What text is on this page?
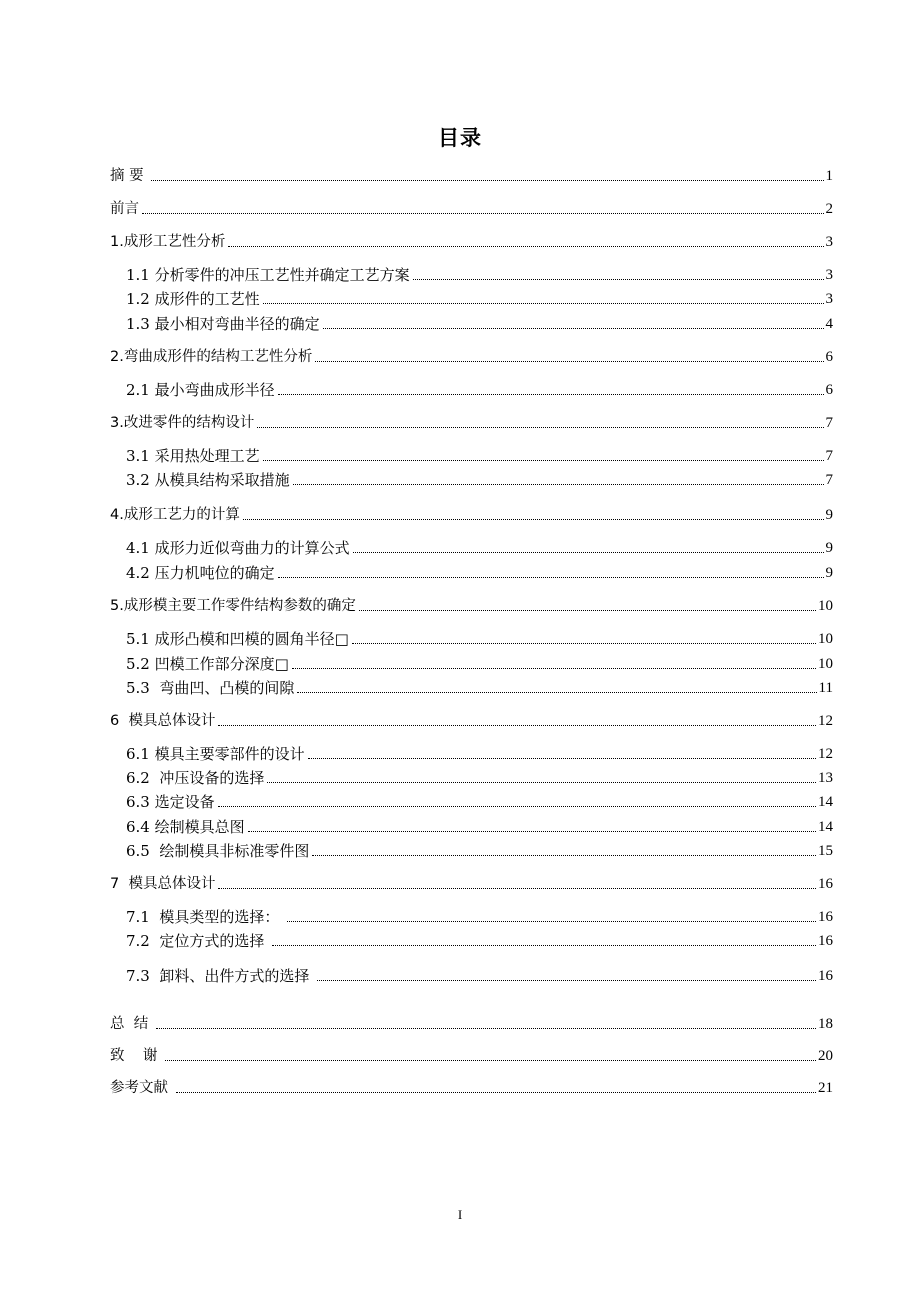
目录
摘 要	1
前言	2
1.成形工艺性分析	3
1.1 分析零件的冲压工艺性并确定工艺方案	3
1.2 成形件的工艺性	3
1.3 最小相对弯曲半径的确定	4
2.弯曲成形件的结构工艺性分析	6
2.1 最小弯曲成形半径	6
3.改进零件的结构设计	7
3.1 采用热处理工艺	7
3.2 从模具结构采取措施	7
4.成形工艺力的计算	9
4.1 成形力近似弯曲力的计算公式	9
4.2 压力机吨位的确定	9
5.成形模主要工作零件结构参数的确定	10
5.1 成形凸模和凹模的圆角半径□	10
5.2 凹模工作部分深度□	10
5.3  弯曲凹、凸模的间隙	11
6  模具总体设计	12
6.1 模具主要零部件的设计	12
6.2  冲压设备的选择	13
6.3 选定设备	14
6.4 绘制模具总图	14
6.5  绘制模具非标准零件图	15
7  模具总体设计	16
7.1  模具类型的选择：	16
7.2  定位方式的选择	16
7.3  卸料、出件方式的选择	16
总  结	18
致    谢	20
参考文献	21
I
